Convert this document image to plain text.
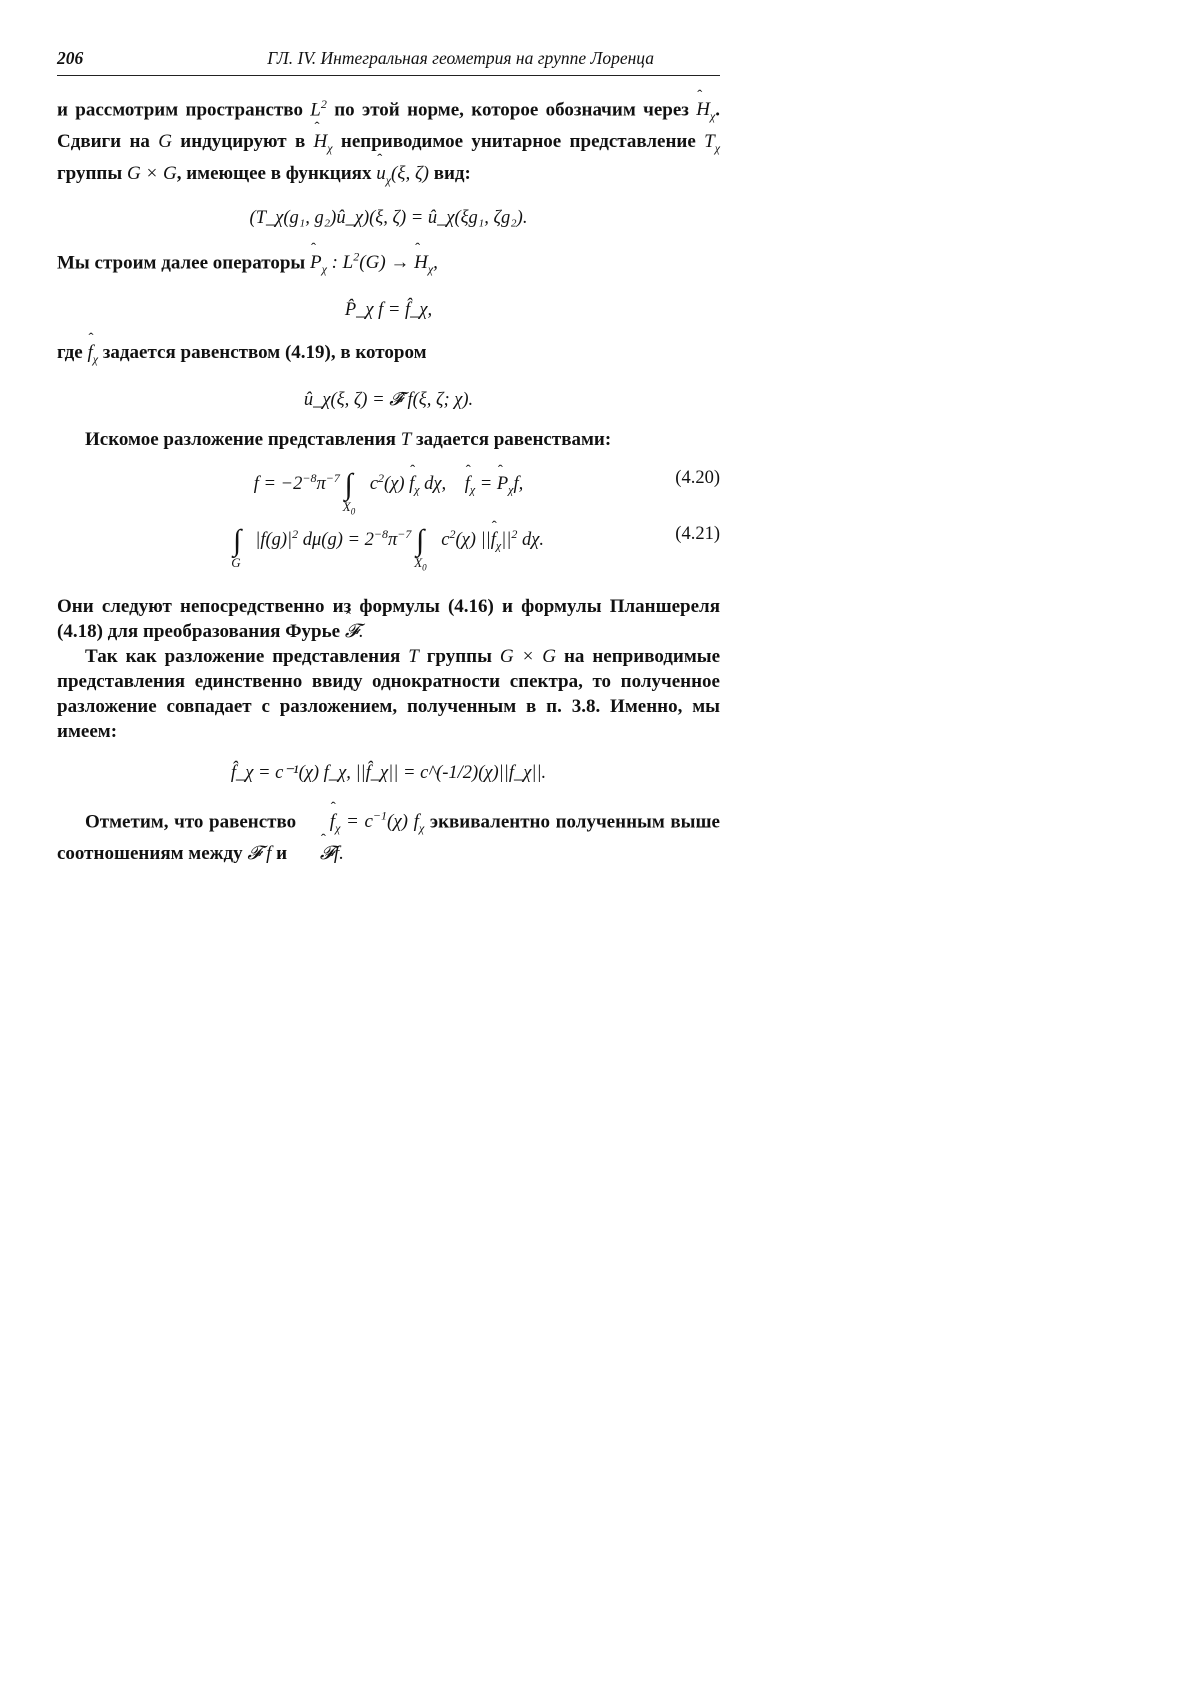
206	ГЛ. IV. Интегральная геометрия на группе Лоренца

и рассмотрим пространство $L^2$ по этой норме, которое обозначим через ˆ $H_\chi$. Сдвиги на G индуцируют в ˆ $H_\chi$ неприводимое унитарное представление $T_\chi$ группы G × G, имеющее в функциях ˆ $u_\chi(\xi$, ζ) вид:

(T_χ(g₁, g₂)û_χ)(ξ, ζ) = û_χ(ξg₁, ζg₂).

Мы строим далее операторы ˆ $P_\chi$ : $L^2(G)$ → ˆ $H_\chi$,

P̂_χ f = f̂_χ,

где ˆ $f_\chi$ задается равенством (4.19), в котором

û_χ(ξ, ζ) = 𝓕̂ f(ξ, ζ; χ).

Искомое разложение представления T задается равенствами:

$f = -2^{-8}\pi^{-7}$ $\int_{X_0}$ $c^2(\chi)$ ˆ $f_\chi$ dχ,    ˆ $f_\chi$ = ˆ $P_\chi f$,	(4.20)
$\int_G$ $|f(g)|^2$ $d\mu(g) = 2^{-8}\pi^{-7}$ $\int_{X_0}$ $c^2(\chi)$ ||ˆ $f_\chi||^2$ dχ.	(4.21)

Они следуют непосредственно из формулы (4.16) и формулы Планшереля (4.18) для преобразования Фурье ˆ 𝓕.

Так как разложение представления T группы G × G на неприводимые представления единственно ввиду однократности спектра, то полученное разложение совпадает с разложением, полученным в п. 3.8. Именно, мы имеем:

f̂_χ = c⁻¹(χ) f_χ, ||f̂_χ|| = c^(-1/2)(χ)||f_χ||.

Отметим, что равенство ˆ $f_\chi = c^{-1}(\chi)$ $f_\chi$ эквивалентно полученным выше соотношениям между 𝓕 f и ˆ 𝓕f.
